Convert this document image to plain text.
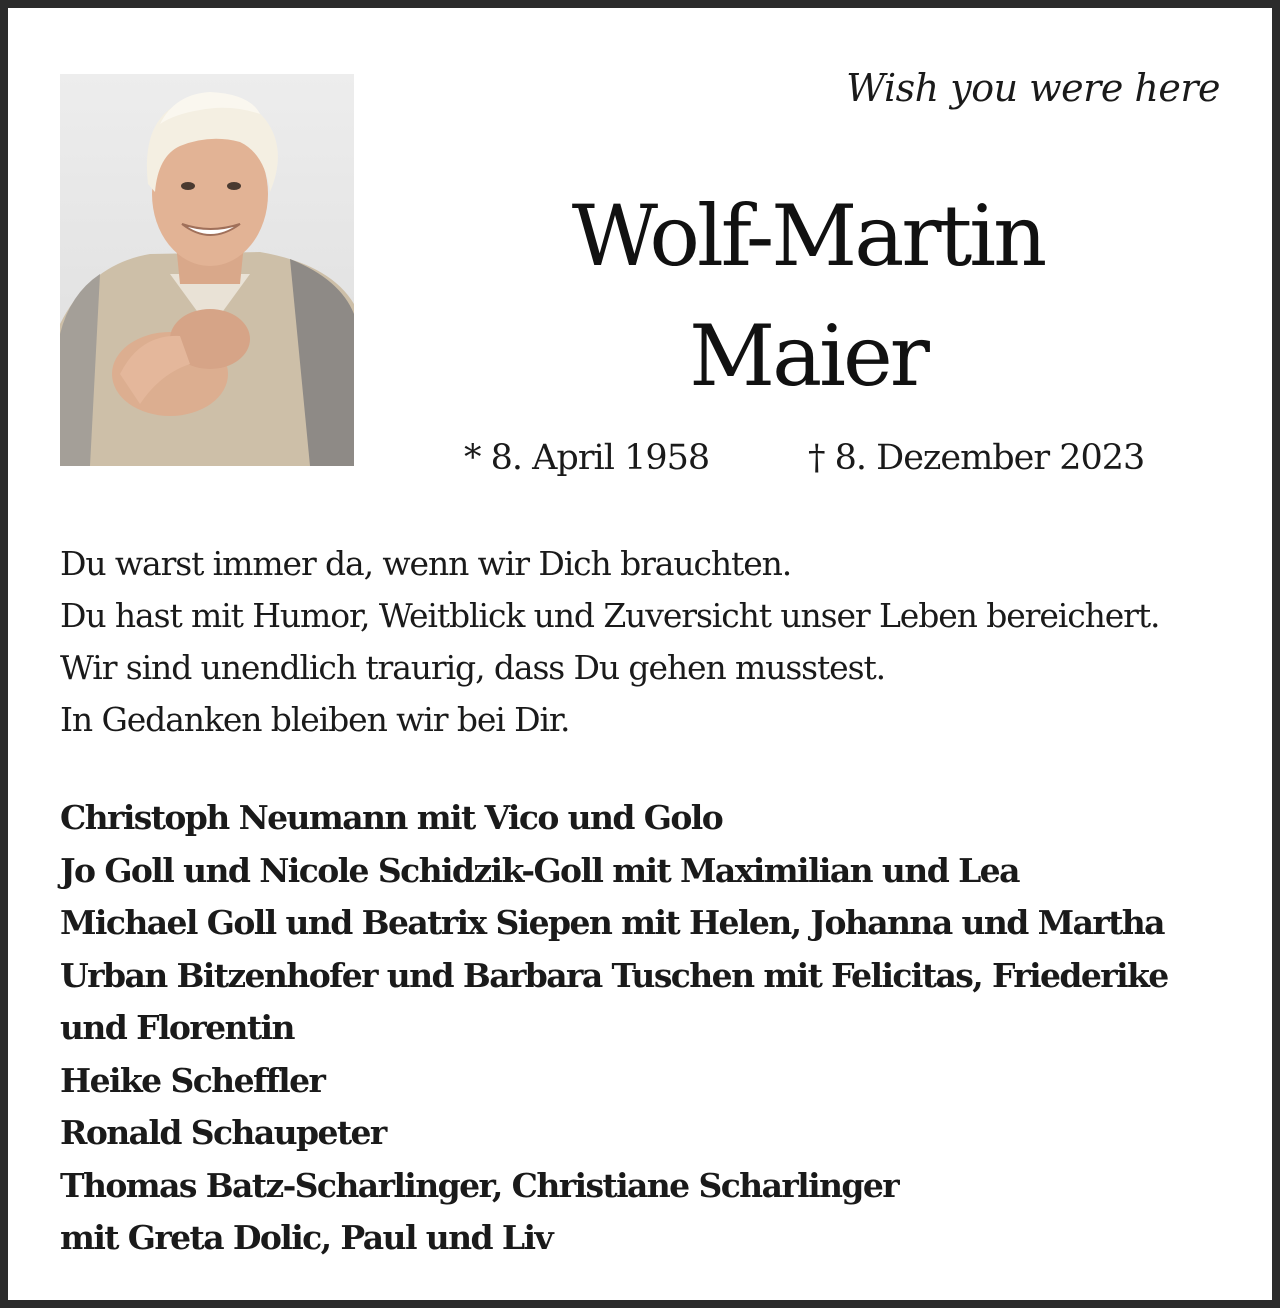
Wish you were here
Wolf-Martin
Maier
* 8. April 1958	† 8. Dezember 2023
Du warst immer da, wenn wir Dich brauchten.
Du hast mit Humor, Weitblick und Zuversicht unser Leben bereichert.
Wir sind unendlich traurig, dass Du gehen musstest.
In Gedanken bleiben wir bei Dir.
Christoph Neumann mit Vico und Golo
Jo Goll und Nicole Schidzik-Goll mit Maximilian und Lea
Michael Goll und Beatrix Siepen mit Helen, Johanna und Martha
Urban Bitzenhofer und Barbara Tuschen mit Felicitas, Friederike
und Florentin
Heike Scheffler
Ronald Schaupeter
Thomas Batz-Scharlinger, Christiane Scharlinger
mit Greta Dolic, Paul und Liv
